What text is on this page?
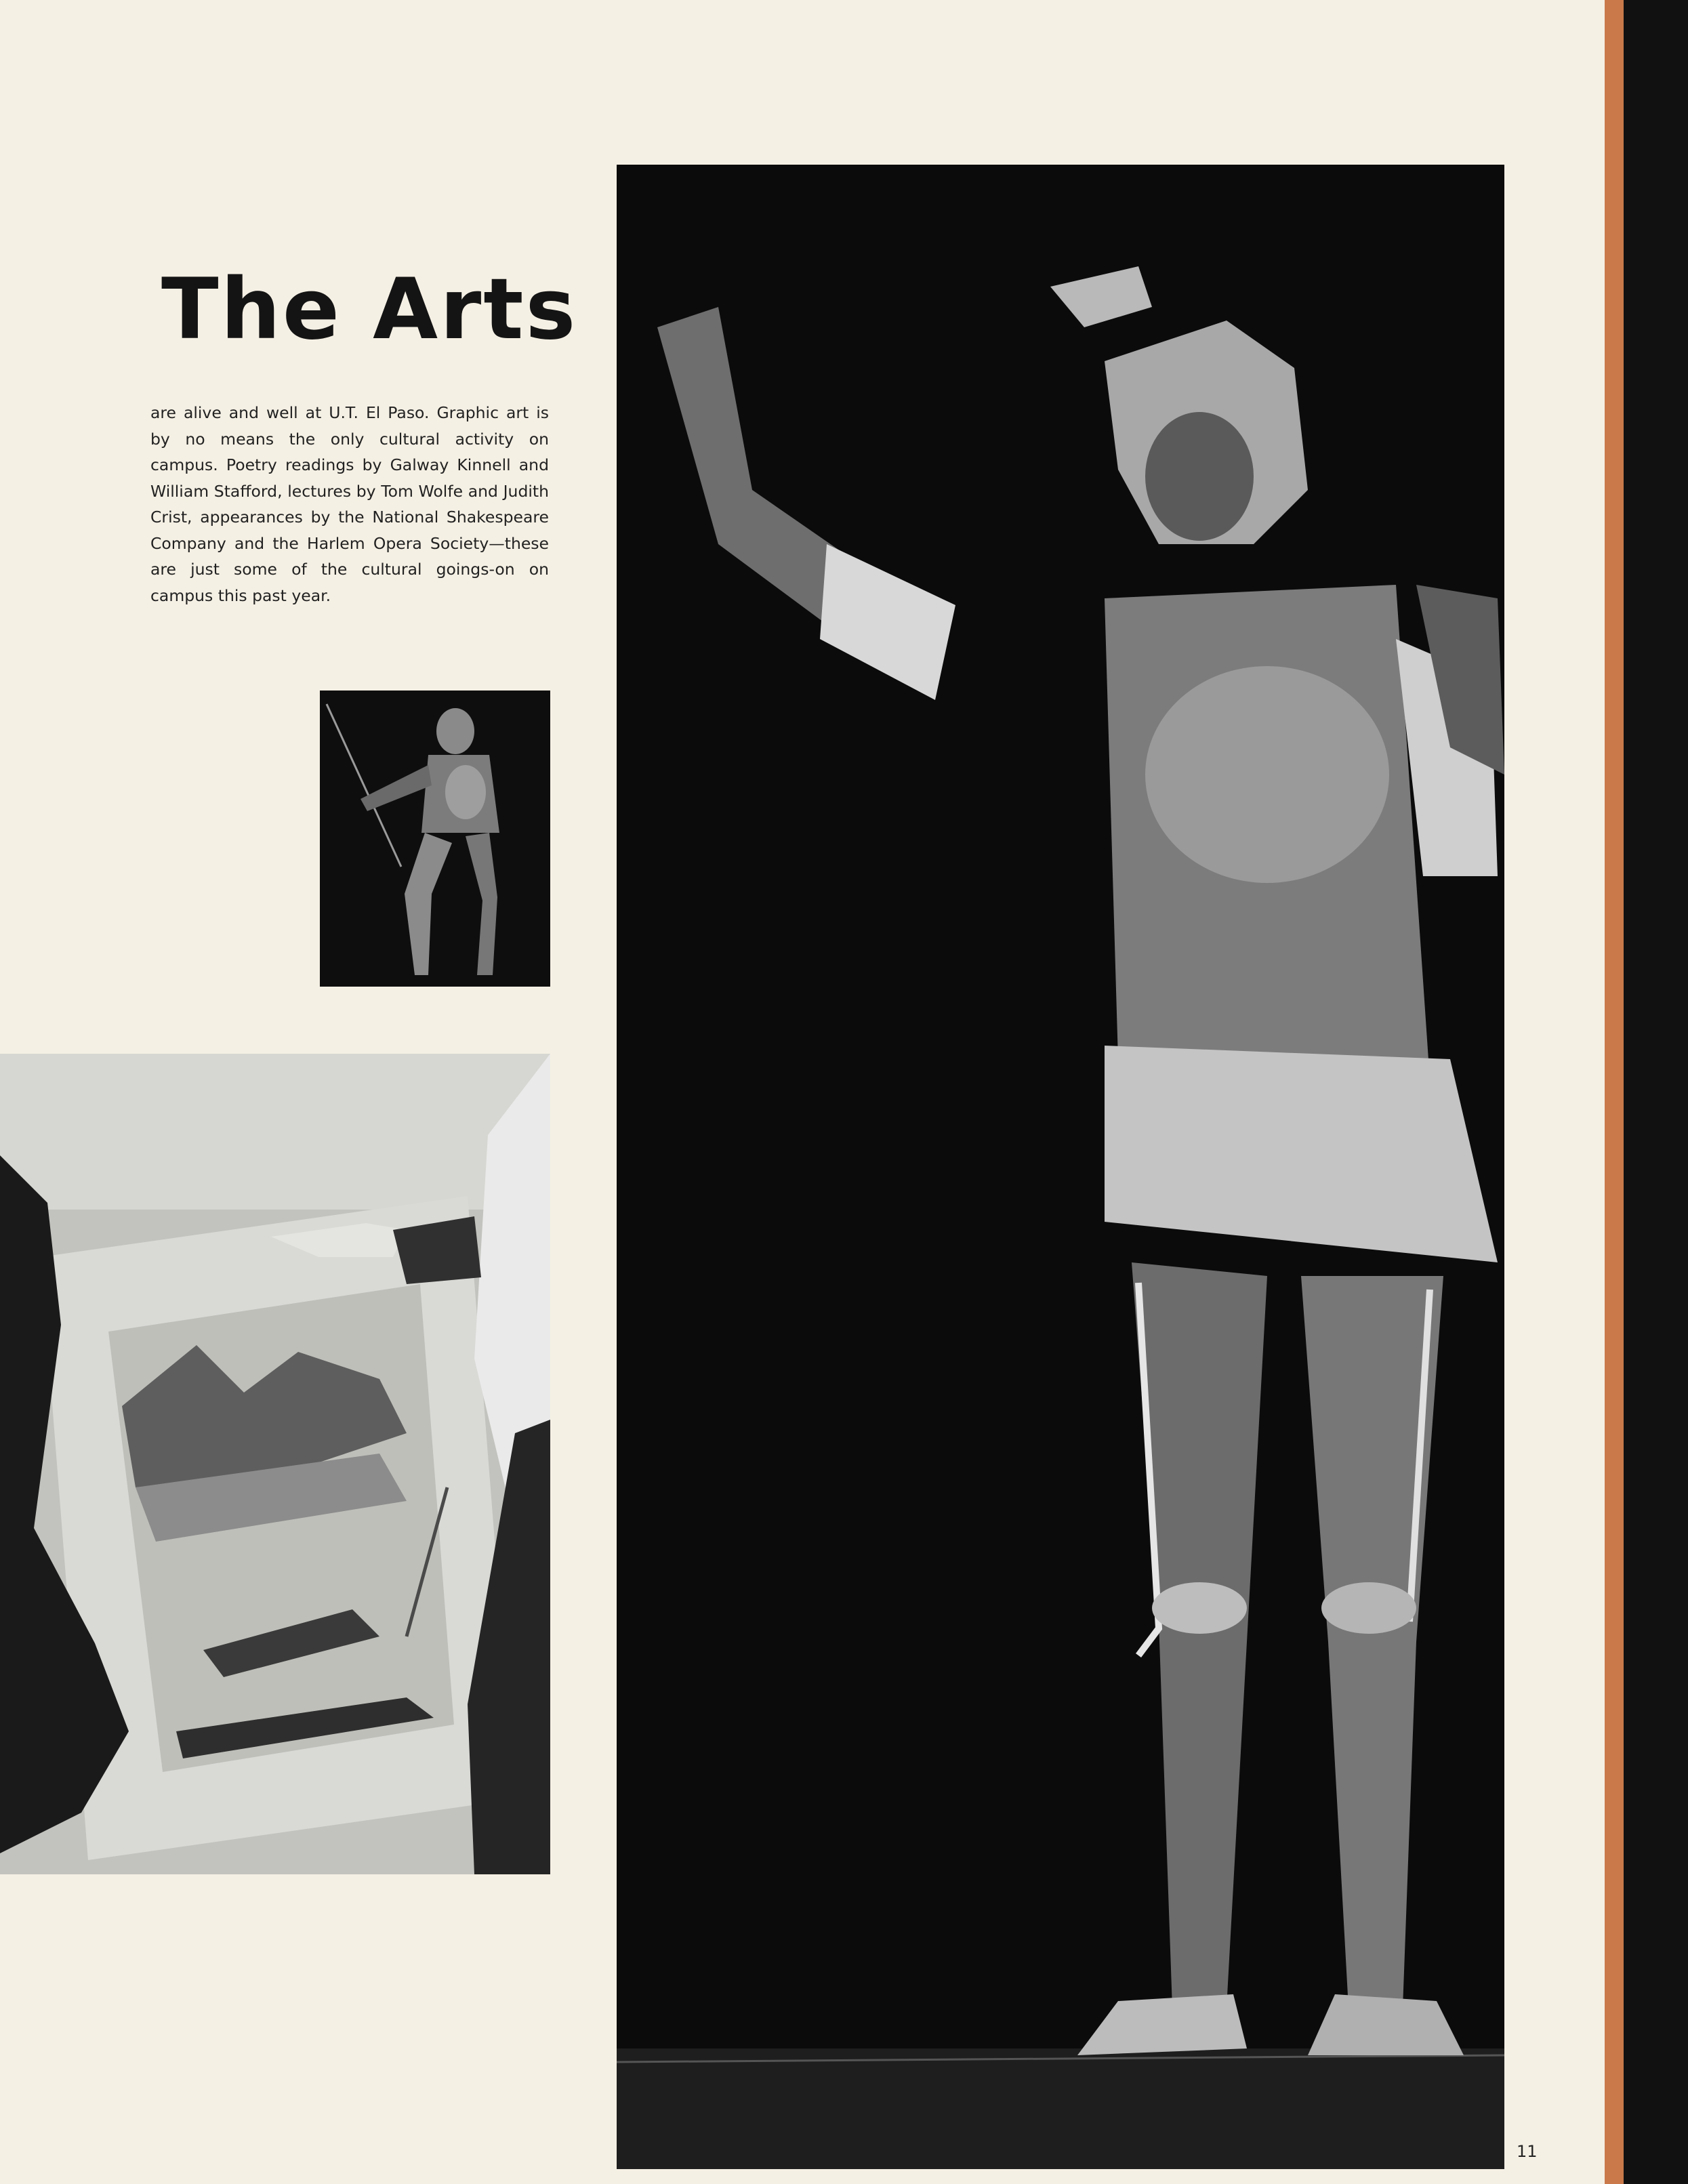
The Arts

are alive and well at U.T. El Paso. Graphic art is by no means the only cultural activity on campus. Poetry readings by Galway Kinnell and William Stafford, lectures by Tom Wolfe and Judith Crist, appearances by the National Shakespeare Company and the Harlem Opera Society—these are just some of the cultural goings-on on campus this past year.

11
